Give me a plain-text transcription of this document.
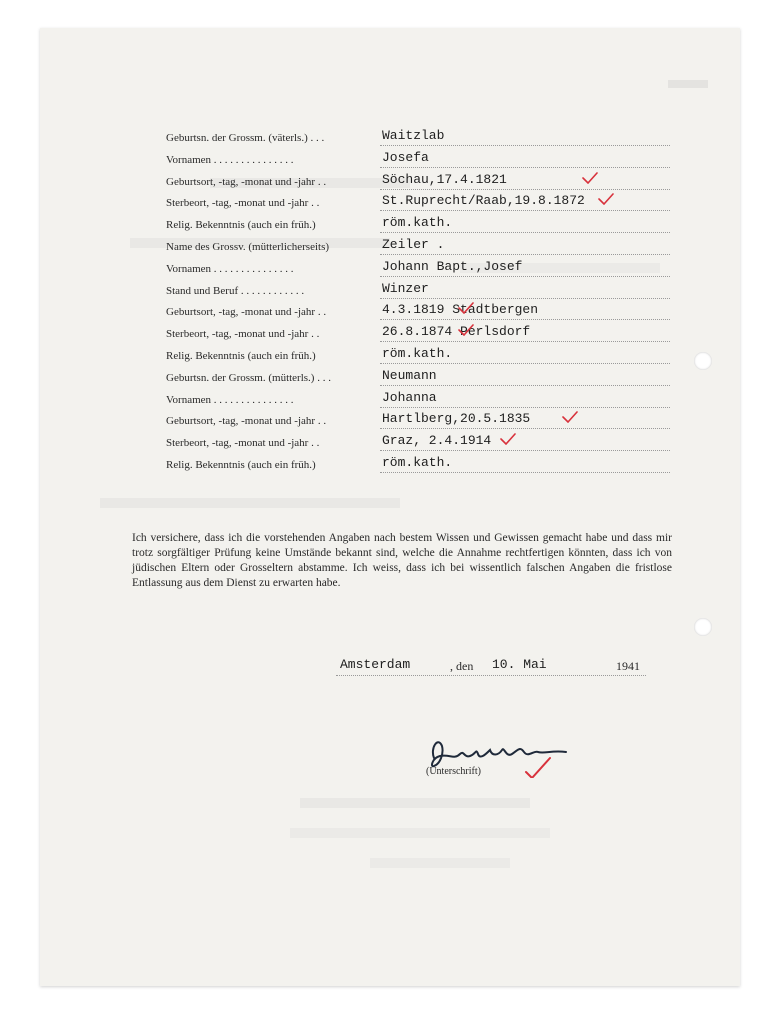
Geburtsn. der Grossm. (väterls.) . . .	Waitzlab
Vornamen . . . . . . . . . . . . . . .	Josefa
Geburtsort, -tag, -monat und -jahr . .	Söchau,17.4.1821
Sterbeort, -tag, -monat und -jahr . .	St.Ruprecht/Raab,19.8.1872
Relig. Bekenntnis (auch ein früh.)	röm.kath.
Name des Grossv. (mütterlicherseits)	Zeiler .
Vornamen . . . . . . . . . . . . . . .	Johann Bapt.,Josef
Stand und Beruf . . . . . . . . . . . .	Winzer
Geburtsort, -tag, -monat und -jahr . .	4.3.1819 Stadtbergen
Sterbeort, -tag, -monat und -jahr . .	26.8.1874 Perlsdorf
Relig. Bekenntnis (auch ein früh.)	röm.kath.
Geburtsn. der Grossm. (mütterls.) . . .	Neumann
Vornamen . . . . . . . . . . . . . . .	Johanna
Geburtsort, -tag, -monat und -jahr . .	Hartlberg,20.5.1835
Sterbeort, -tag, -monat und -jahr . .	Graz, 2.4.1914
Relig. Bekenntnis (auch ein früh.)	röm.kath.
Ich versichere, dass ich die vorstehenden Angaben nach bestem Wissen und Gewissen gemacht habe und dass mir trotz sorgfältiger Prüfung keine Umstände bekannt sind, welche die Annahme rechtfertigen könnten, dass ich von jüdischen Eltern oder Grosseltern abstamme. Ich weiss, dass ich bei wissentlich falschen Angaben die fristlose Entlassung aus dem Dienst zu erwarten habe.
Amsterdam	, den 10. Mai	1941
(Unterschrift)
